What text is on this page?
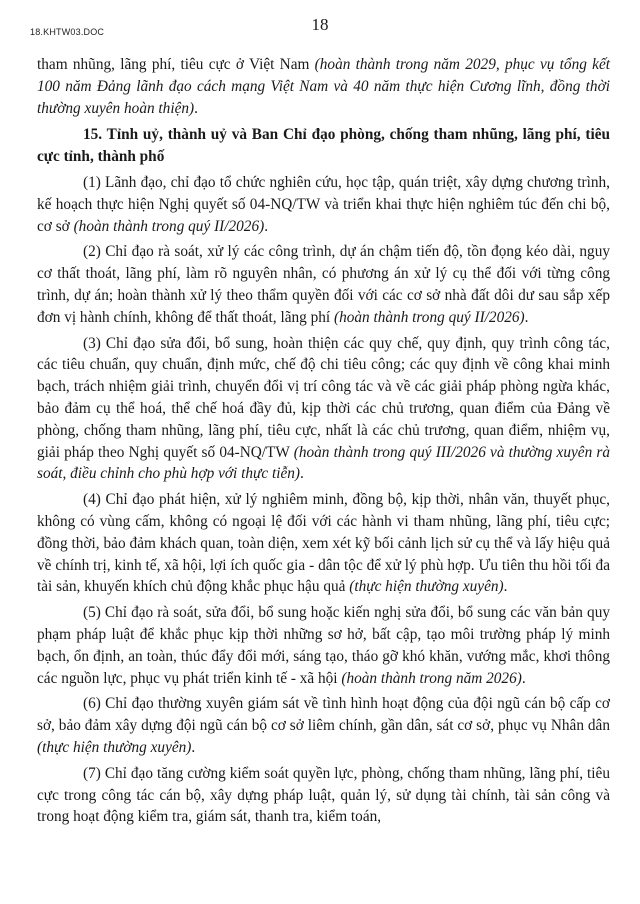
18.KHTW03.DOC	18

tham nhũng, lãng phí, tiêu cực ở Việt Nam (hoàn thành trong năm 2029, phục vụ tổng kết 100 năm Đảng lãnh đạo cách mạng Việt Nam và 40 năm thực hiện Cương lĩnh, đồng thời thường xuyên hoàn thiện).

15. Tỉnh uỷ, thành uỷ và Ban Chỉ đạo phòng, chống tham nhũng, lãng phí, tiêu cực tỉnh, thành phố

(1) Lãnh đạo, chỉ đạo tổ chức nghiên cứu, học tập, quán triệt, xây dựng chương trình, kế hoạch thực hiện Nghị quyết số 04-NQ/TW và triển khai thực hiện nghiêm túc đến chi bộ, cơ sở (hoàn thành trong quý II/2026).

(2) Chỉ đạo rà soát, xử lý các công trình, dự án chậm tiến độ, tồn đọng kéo dài, nguy cơ thất thoát, lãng phí, làm rõ nguyên nhân, có phương án xử lý cụ thể đối với từng công trình, dự án; hoàn thành xử lý theo thẩm quyền đối với các cơ sở nhà đất dôi dư sau sắp xếp đơn vị hành chính, không để thất thoát, lãng phí (hoàn thành trong quý II/2026).

(3) Chỉ đạo sửa đổi, bổ sung, hoàn thiện các quy chế, quy định, quy trình công tác, các tiêu chuẩn, quy chuẩn, định mức, chế độ chi tiêu công; các quy định về công khai minh bạch, trách nhiệm giải trình, chuyển đổi vị trí công tác và về các giải pháp phòng ngừa khác, bảo đảm cụ thể hoá, thể chế hoá đầy đủ, kịp thời các chủ trương, quan điểm của Đảng về phòng, chống tham nhũng, lãng phí, tiêu cực, nhất là các chủ trương, quan điểm, nhiệm vụ, giải pháp theo Nghị quyết số 04-NQ/TW (hoàn thành trong quý III/2026 và thường xuyên rà soát, điều chỉnh cho phù hợp với thực tiễn).

(4) Chỉ đạo phát hiện, xử lý nghiêm minh, đồng bộ, kịp thời, nhân văn, thuyết phục, không có vùng cấm, không có ngoại lệ đối với các hành vi tham nhũng, lãng phí, tiêu cực; đồng thời, bảo đảm khách quan, toàn diện, xem xét kỹ bối cảnh lịch sử cụ thể và lấy hiệu quả về chính trị, kinh tế, xã hội, lợi ích quốc gia - dân tộc để xử lý phù hợp. Ưu tiên thu hồi tối đa tài sản, khuyến khích chủ động khắc phục hậu quả (thực hiện thường xuyên).

(5) Chỉ đạo rà soát, sửa đổi, bổ sung hoặc kiến nghị sửa đổi, bổ sung các văn bản quy phạm pháp luật để khắc phục kịp thời những sơ hở, bất cập, tạo môi trường pháp lý minh bạch, ổn định, an toàn, thúc đẩy đổi mới, sáng tạo, tháo gỡ khó khăn, vướng mắc, khơi thông các nguồn lực, phục vụ phát triển kinh tế - xã hội (hoàn thành trong năm 2026).

(6) Chỉ đạo thường xuyên giám sát về tình hình hoạt động của đội ngũ cán bộ cấp cơ sở, bảo đảm xây dựng đội ngũ cán bộ cơ sở liêm chính, gần dân, sát cơ sở, phục vụ Nhân dân (thực hiện thường xuyên).

(7) Chỉ đạo tăng cường kiểm soát quyền lực, phòng, chống tham nhũng, lãng phí, tiêu cực trong công tác cán bộ, xây dựng pháp luật, quản lý, sử dụng tài chính, tài sản công và trong hoạt động kiểm tra, giám sát, thanh tra, kiểm toán,
